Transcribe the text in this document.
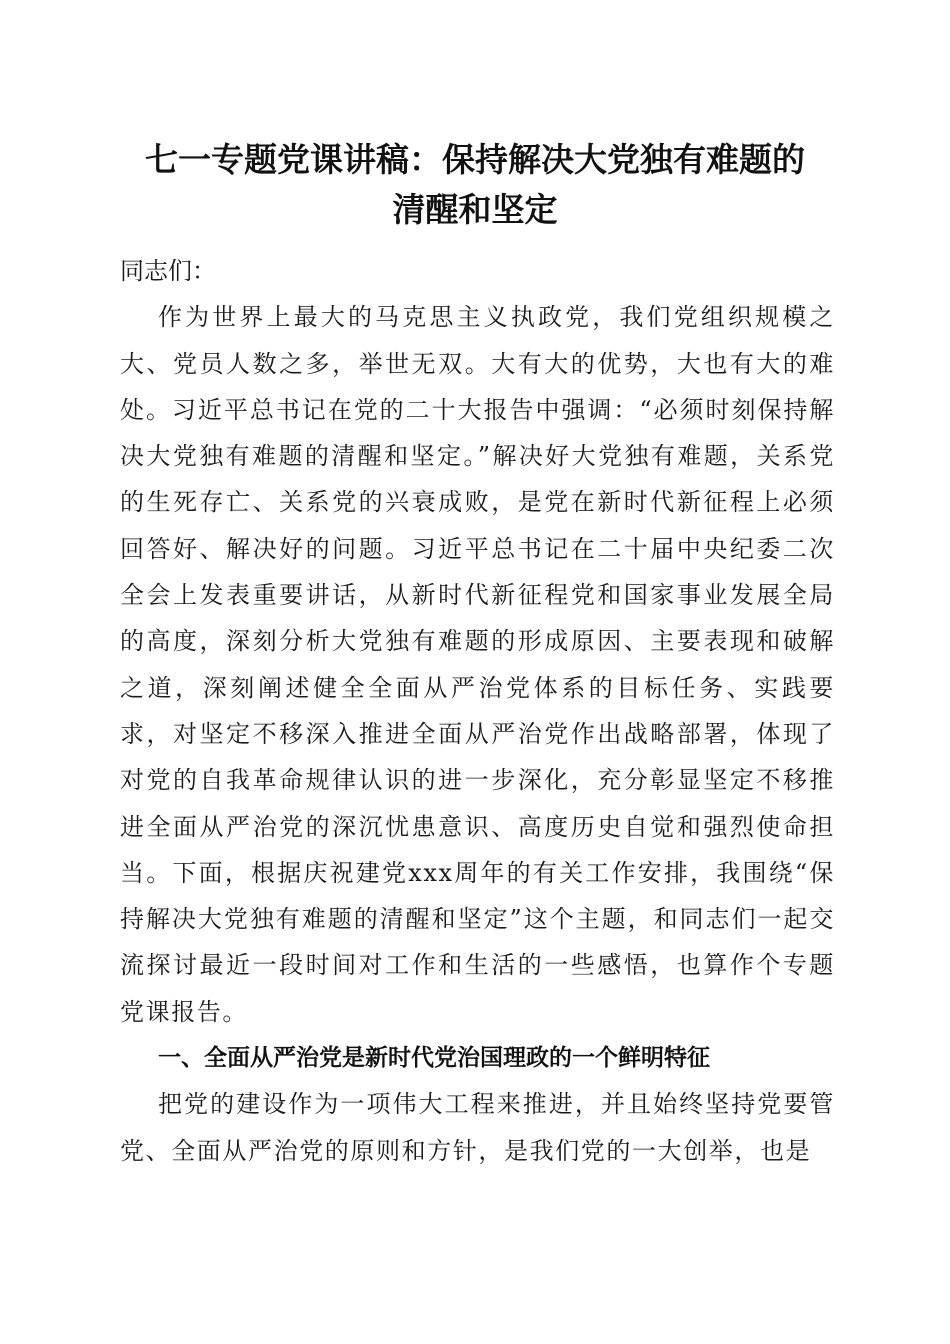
七一专题党课讲稿：保持解决大党独有难题的
清醒和坚定

同志们：

作为世界上最大的马克思主义执政党，我们党组织规模之大、党员人数之多，举世无双。大有大的优势，大也有大的难处。习近平总书记在党的二十大报告中强调：“必须时刻保持解决大党独有难题的清醒和坚定。”解决好大党独有难题，关系党的生死存亡、关系党的兴衰成败，是党在新时代新征程上必须回答好、解决好的问题。习近平总书记在二十届中央纪委二次全会上发表重要讲话，从新时代新征程党和国家事业发展全局的高度，深刻分析大党独有难题的形成原因、主要表现和破解之道，深刻阐述健全全面从严治党体系的目标任务、实践要求，对坚定不移深入推进全面从严治党作出战略部署，体现了对党的自我革命规律认识的进一步深化，充分彰显坚定不移推进全面从严治党的深沉忧患意识、高度历史自觉和强烈使命担当。下面，根据庆祝建党xxx周年的有关工作安排，我围绕“保持解决大党独有难题的清醒和坚定”这个主题，和同志们一起交流探讨最近一段时间对工作和生活的一些感悟，也算作个专题党课报告。

一、全面从严治党是新时代党治国理政的一个鲜明特征

把党的建设作为一项伟大工程来推进，并且始终坚持党要管党、全面从严治党的原则和方针，是我们党的一大创举，也是
